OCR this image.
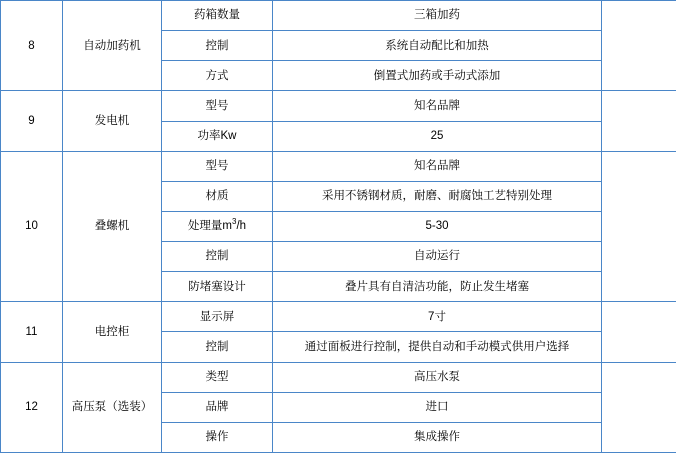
8	自动加药机	药箱数量	三箱加药	
		控制	系统自动配比和加热	
		方式	倒置式加药或手动式添加	
9	发电机	型号	知名品牌	
		功率Kw	25	
10	叠螺机	型号	知名品牌	
		材质	采用不锈钢材质，耐磨、耐腐蚀工艺特别处理	
		处理量$m^3/h$	5-30	
		控制	自动运行	
		防堵塞设计	叠片具有自清洁功能，防止发生堵塞	
11	电控柜	显示屏	7寸	
		控制	通过面板进行控制，提供自动和手动模式供用户选择	
12	高压泵（选装）	类型	高压水泵	
		品牌	进口	
		操作	集成操作	
